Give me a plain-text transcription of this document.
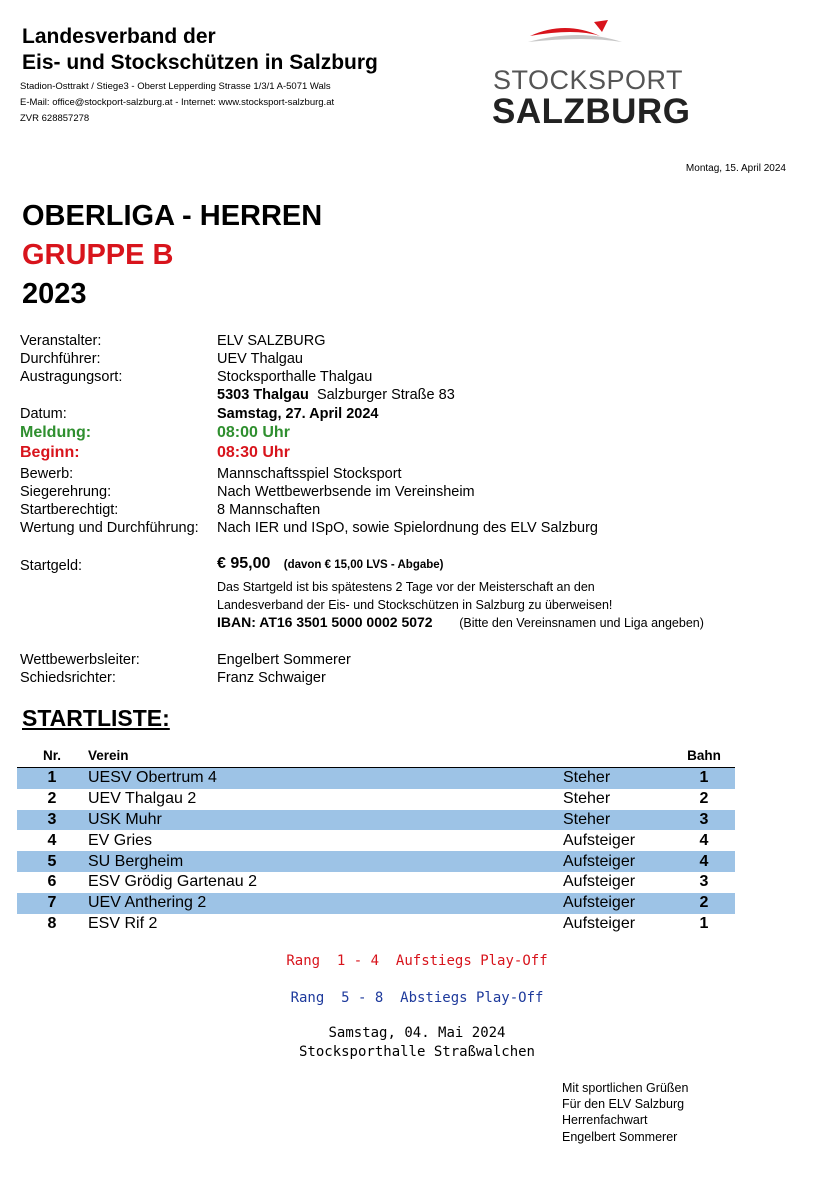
Landesverband der
Eis- und Stockschützen in Salzburg
Stadion-Osttrakt / Stiege3 - Oberst Lepperding Strasse 1/3/1 A-5071 Wals
E-Mail: office@stockport-salzburg.at - Internet: www.stocksport-salzburg.at
ZVR 628857278
STOCKSPORT
SALZBURG
Montag, 15. April 2024
OBERLIGA - HERREN
GRUPPE B
2023
Veranstalter:	ELV SALZBURG
Durchführer:	UEV Thalgau
Austragungsort:	Stocksporthalle Thalgau
5303 Thalgau Salzburger Straße 83
Datum:	Samstag, 27. April 2024
Meldung:	08:00 Uhr
Beginn:	08:30 Uhr
Bewerb:	Mannschaftsspiel Stocksport
Siegerehrung:	Nach Wettbewerbsende im Vereinsheim
Startberechtigt:	8 Mannschaften
Wertung und Durchführung: Nach IER und ISpO, sowie Spielordnung des ELV Salzburg
Startgeld:	€ 95,00 (davon € 15,00 LVS - Abgabe)
Das Startgeld ist bis spätestens 2 Tage vor der Meisterschaft an den
Landesverband der Eis- und Stockschützen in Salzburg zu überweisen!
IBAN: AT16 3501 5000 0002 5072 (Bitte den Vereinsnamen und Liga angeben)
Wettbewerbsleiter:	Engelbert Sommerer
Schiedsrichter:	Franz Schwaiger
STARTLISTE:
Nr.	Verein		Bahn
1	UESV Obertrum 4	Steher	1
2	UEV Thalgau 2	Steher	2
3	USK Muhr	Steher	3
4	EV Gries	Aufsteiger	4
5	SU Bergheim	Aufsteiger	4
6	ESV Grödig Gartenau 2	Aufsteiger	3
7	UEV Anthering 2	Aufsteiger	2
8	ESV Rif 2	Aufsteiger	1
Rang  1 - 4  Aufstiegs Play-Off
Rang  5 - 8  Abstiegs Play-Off
Samstag, 04. Mai 2024
Stocksporthalle Straßwalchen
Mit sportlichen Grüßen
Für den ELV Salzburg
Herrenfachwart
Engelbert Sommerer
